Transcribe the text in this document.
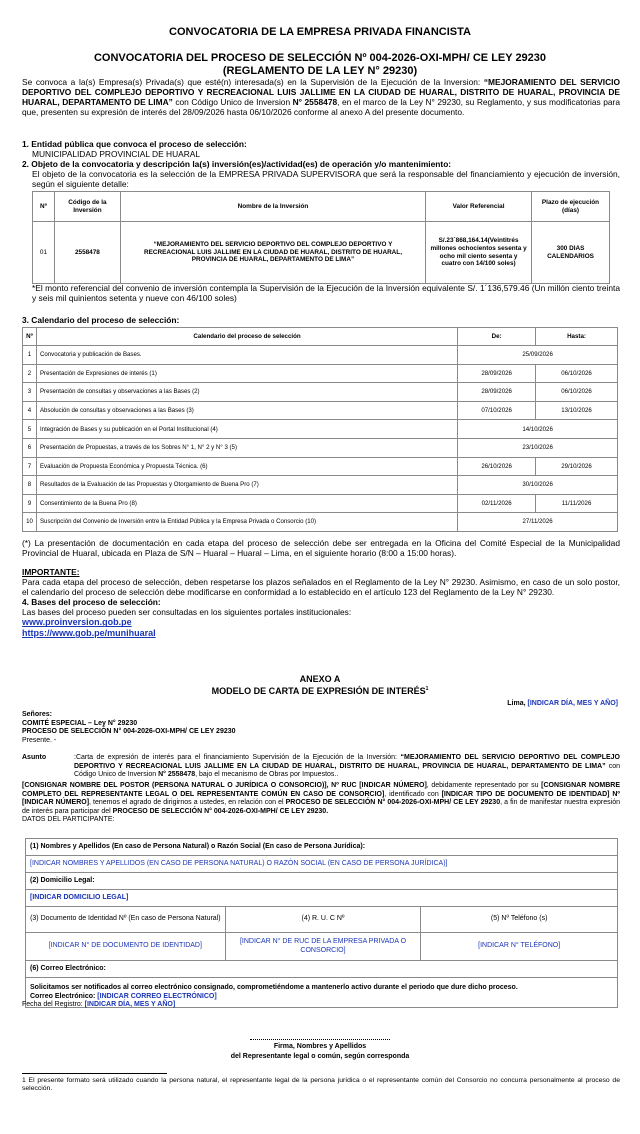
CONVOCATORIA DE LA EMPRESA PRIVADA FINANCISTA
CONVOCATORIA DEL PROCESO DE SELECCIÓN Nº 004-2026-OXI-MPH/ CE LEY 29230
(REGLAMENTO DE LA LEY N° 29230)
Se convoca a la(s) Empresa(s) Privada(s) que esté(n) interesada(s) en la Supervisión de la Ejecución de la Inversion: “MEJORAMIENTO DEL SERVICIO DEPORTIVO DEL COMPLEJO DEPORTIVO Y RECREACIONAL LUIS JALLIME EN LA CIUDAD DE HUARAL, DISTRITO DE HUARAL, PROVINCIA DE HUARAL, DEPARTAMENTO DE LIMA” con Código Unico de Inversion N° 2558478, en el marco de la Ley N° 29230, su Reglamento, y sus modificatorias para que, presenten su expresión de interés del 28/09/2026 hasta 06/10/2026 conforme al anexo A del presente documento.
1. Entidad pública que convoca el proceso de selección:
MUNICIPALIDAD PROVINCIAL DE HUARAL
2. Objeto de la convocatoria y descripción la(s) inversión(es)/actividad(es) de operación y/o mantenimiento:
El objeto de la convocatoria es la selección de la EMPRESA PRIVADA SUPERVISORA que será la responsable del financiamiento y ejecución de inversión, según el siguiente detalle:
Nº	Código de la Inversión	Nombre de la Inversión	Valor Referencial	Plazo de ejecución (días)
01	2558478	“MEJORAMIENTO DEL SERVICIO DEPORTIVO DEL COMPLEJO DEPORTIVO Y RECREACIONAL LUIS JALLIME EN LA CIUDAD DE HUARAL, DISTRITO DE HUARAL, PROVINCIA DE HUARAL, DEPARTAMENTO DE LIMA”	S/.23´868,164.14(Veintitrés millones ochocientos sesenta y ocho mil ciento sesenta y cuatro con 14/100 soles)	300 DIAS CALENDARIOS
*El monto referencial del convenio de inversión contempla la Supervisión de la Ejecución de la Inversión equivalente S/. 1´136,579.46 (Un millón ciento treinta y seis mil quinientos setenta y nueve con 46/100 soles)
3. Calendario del proceso de selección:
Nº	Calendario del proceso de selección	De:	Hasta:
1	Convocatoria y publicación de Bases.	25/09/2026	
2	Presentación de Expresiones de interés (1)	28/09/2026	06/10/2026
3	Presentación de consultas y observaciones a las Bases (2)	28/09/2026	06/10/2026
4	Absolución de consultas y observaciones a las Bases (3)	07/10/2026	13/10/2026
5	Integración de Bases y su publicación en el Portal Institucional (4)	14/10/2026	
6	Presentación de Propuestas, a través de los Sobres N° 1, N° 2 y N° 3 (5)	23/10/2026	
7	Evaluación de Propuesta Económica y Propuesta Técnica. (6)	26/10/2026	29/10/2026
8	Resultados de la Evaluación de las Propuestas y Otorgamiento de Buena Pro (7)	30/10/2026	
9	Consentimiento de la Buena Pro (8)	02/11/2026	11/11/2026
10	Suscripción del Convenio de Inversión entre la Entidad Pública y la Empresa Privada o Consorcio (10)	27/11/2026	
(*) La presentación de documentación en cada etapa del proceso de selección debe ser entregada en la Oficina del Comité Especial de la Municipalidad Provincial de Huaral, ubicada en Plaza de S/N – Huaral – Huaral – Lima, en el siguiente horario (8:00 a 15:00 horas).
IMPORTANTE:
Para cada etapa del proceso de selección, deben respetarse los plazos señalados en el Reglamento de la Ley N° 29230. Asimismo, en caso de un solo postor, el calendario del proceso de selección debe modificarse en conformidad a lo establecido en el artículo 123 del Reglamento de la Ley N° 29230.
4. Bases del proceso de selección:
Las bases del proceso pueden ser consultadas en los siguientes portales institucionales:
www.proinversion.gob.pe
https://www.gob.pe/munihuaral
ANEXO A
MODELO DE CARTA DE EXPRESIÓN DE INTERÉS$^1$
Lima, [INDICAR DÍA, MES Y AÑO]
Señores:
COMITÉ ESPECIAL – Ley N° 29230
PROCESO DE SELECCIÓN N° 004-2026-OXI-MPH/ CE LEY 29230
Presente. -
Asunto	:Carta de expresión de interés para el financiamiento Supervisión de la Ejecución de la Inversión: “MEJORAMIENTO DEL SERVICIO DEPORTIVO DEL COMPLEJO DEPORTIVO Y RECREACIONAL LUIS JALLIME EN LA CIUDAD DE HUARAL, DISTRITO DE HUARAL, PROVINCIA DE HUARAL, DEPARTAMENTO DE LIMA” con Código Unico de Inversion N° 2558478, bajo el mecanismo de Obras por Impuestos..
[CONSIGNAR NOMBRE DEL POSTOR (PERSONA NATURAL O JURÍDICA O CONSORCIO)], Nº RUC [INDICAR NÚMERO], debidamente representado por su [CONSIGNAR NOMBRE COMPLETO DEL REPRESENTANTE LEGAL O DEL REPRESENTANTE COMÚN EN CASO DE CONSORCIO], identificado con [INDICAR TIPO DE DOCUMENTO DE IDENTIDAD] Nº [INDICAR NÚMERO], tenemos el agrado de dirigirnos a ustedes, en relación con el PROCESO DE SELECCIÓN N° 004-2026-OXI-MPH/ CE LEY 29230, a fin de manifestar nuestra expresión de interés para participar del PROCESO DE SELECCIÓN N° 004-2026-OXI-MPH/ CE LEY 29230.
DATOS DEL PARTICIPANTE:
(1) Nombres y Apellidos (En caso de Persona Natural) o Razón Social (En caso de Persona Jurídica):		
[INDICAR NOMBRES Y APELLIDOS (EN CASO DE PERSONA NATURAL) O RAZÓN SOCIAL (EN CASO DE PERSONA JURÍDICA)]		
(2) Domicilio Legal:		
[INDICAR DOMICILIO LEGAL]		
(3) Documento de Identidad Nº (En caso de Persona Natural)	(4) R. U. C Nº	(5) Nº Teléfono (s)
[INDICAR N° DE DOCUMENTO DE IDENTIDAD]	[INDICAR N° DE RUC DE LA EMPRESA PRIVADA O CONSORCIO]	[INDICAR N° TELÉFONO]
(6) Correo Electrónico:		

Solicitamos ser notificados al correo electrónico consignado, comprometiéndome a mantenerlo activo durante el periodo que dure dicho proceso.
Correo Electrónico: [INDICAR CORREO ELECTRÓNICO]		
Fecha del Registro: [INDICAR DÍA, MES Y AÑO]
Firma, Nombres y Apellidos
del Representante legal o común, según corresponda
1 El presente formato será utilizado cuando la persona natural, el representante legal de la persona jurídica o el representante común del Consorcio no concurra personalmente al proceso de selección.
